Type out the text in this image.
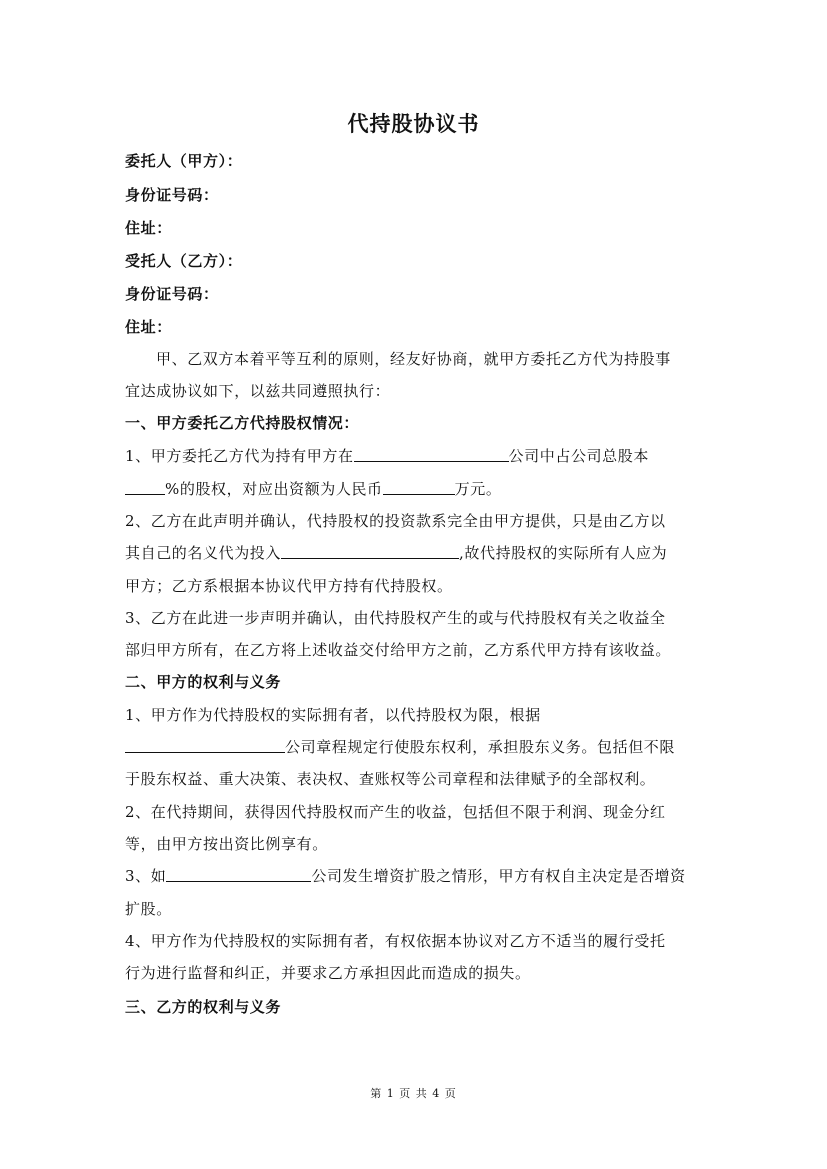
代持股协议书
委托人（甲方）：
身份证号码：
住址：
受托人（乙方）：
身份证号码：
住址：
甲、乙双方本着平等互利的原则，经友好协商，就甲方委托乙方代为持股事
宜达成协议如下，以兹共同遵照执行：
一、甲方委托乙方代持股权情况：
1、甲方委托乙方代为持有甲方在	公司中占公司总股本
%的股权，对应出资额为人民币	万元。
2、乙方在此声明并确认，代持股权的投资款系完全由甲方提供，只是由乙方以
其自己的名义代为投入	,故代持股权的实际所有人应为
甲方；乙方系根据本协议代甲方持有代持股权。
3、乙方在此进一步声明并确认，由代持股权产生的或与代持股权有关之收益全
部归甲方所有，在乙方将上述收益交付给甲方之前，乙方系代甲方持有该收益。
二、甲方的权利与义务
1、甲方作为代持股权的实际拥有者，以代持股权为限，根据
公司章程规定行使股东权利，承担股东义务。包括但不限
于股东权益、重大决策、表决权、查账权等公司章程和法律赋予的全部权利。
2、在代持期间，获得因代持股权而产生的收益，包括但不限于利润、现金分红
等，由甲方按出资比例享有。
3、如	公司发生增资扩股之情形，甲方有权自主决定是否增资
扩股。
4、甲方作为代持股权的实际拥有者，有权依据本协议对乙方不适当的履行受托
行为进行监督和纠正，并要求乙方承担因此而造成的损失。
三、乙方的权利与义务
第 1 页 共 4 页
